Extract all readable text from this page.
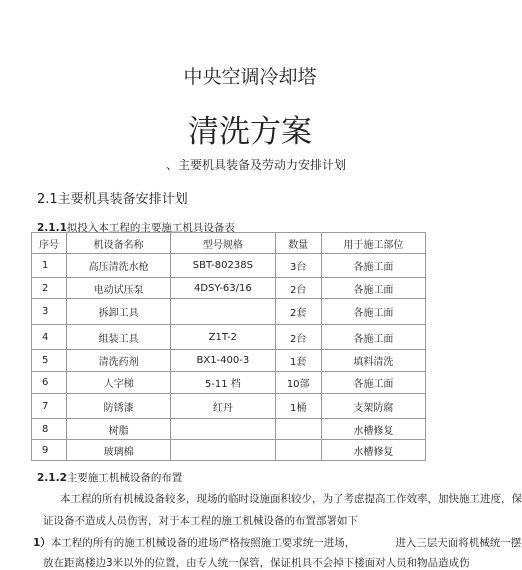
中央空调冷却塔
清洗方案
、主要机具装备及劳动力安排计划
2.1主要机具装备安排计划
2.1.1拟投入本工程的主要施工机具设备表
序号	机设备名称	型号规格	数量	用于施工部位
1	高压清洗水枪	SBT-80238S	3台	各施工面
2	电动试压泵	4DSY-63/16	2台	各施工面
3	拆卸工具		2套	各施工面
4	组装工具	Z1T-2	2台	各施工面
5	清洗药剂	BX1-400-3	1套	填料清洗
6	人字梯	5-11 档	10部	各施工面
7	防锈漆	红丹	1桶	支架防腐
8	树脂			水槽修复
9	玻璃棉			水槽修复
2.1.2主要施工机械设备的布置
本工程的所有机械设备较多，现场的临时设施面积较少，为了考虑提高工作效率，加快施工进度，保
证设备不造成人员伤害，对于本工程的施工机械设备的布置部署如下
1）本工程的所有的施工机械设备的进场严格按照施工要求统一进场，	进入三层天面将机械统一摆
放在距离楼边3米以外的位置，由专人统一保管，保证机具不会掉下楼面对人员和物品造成伤
